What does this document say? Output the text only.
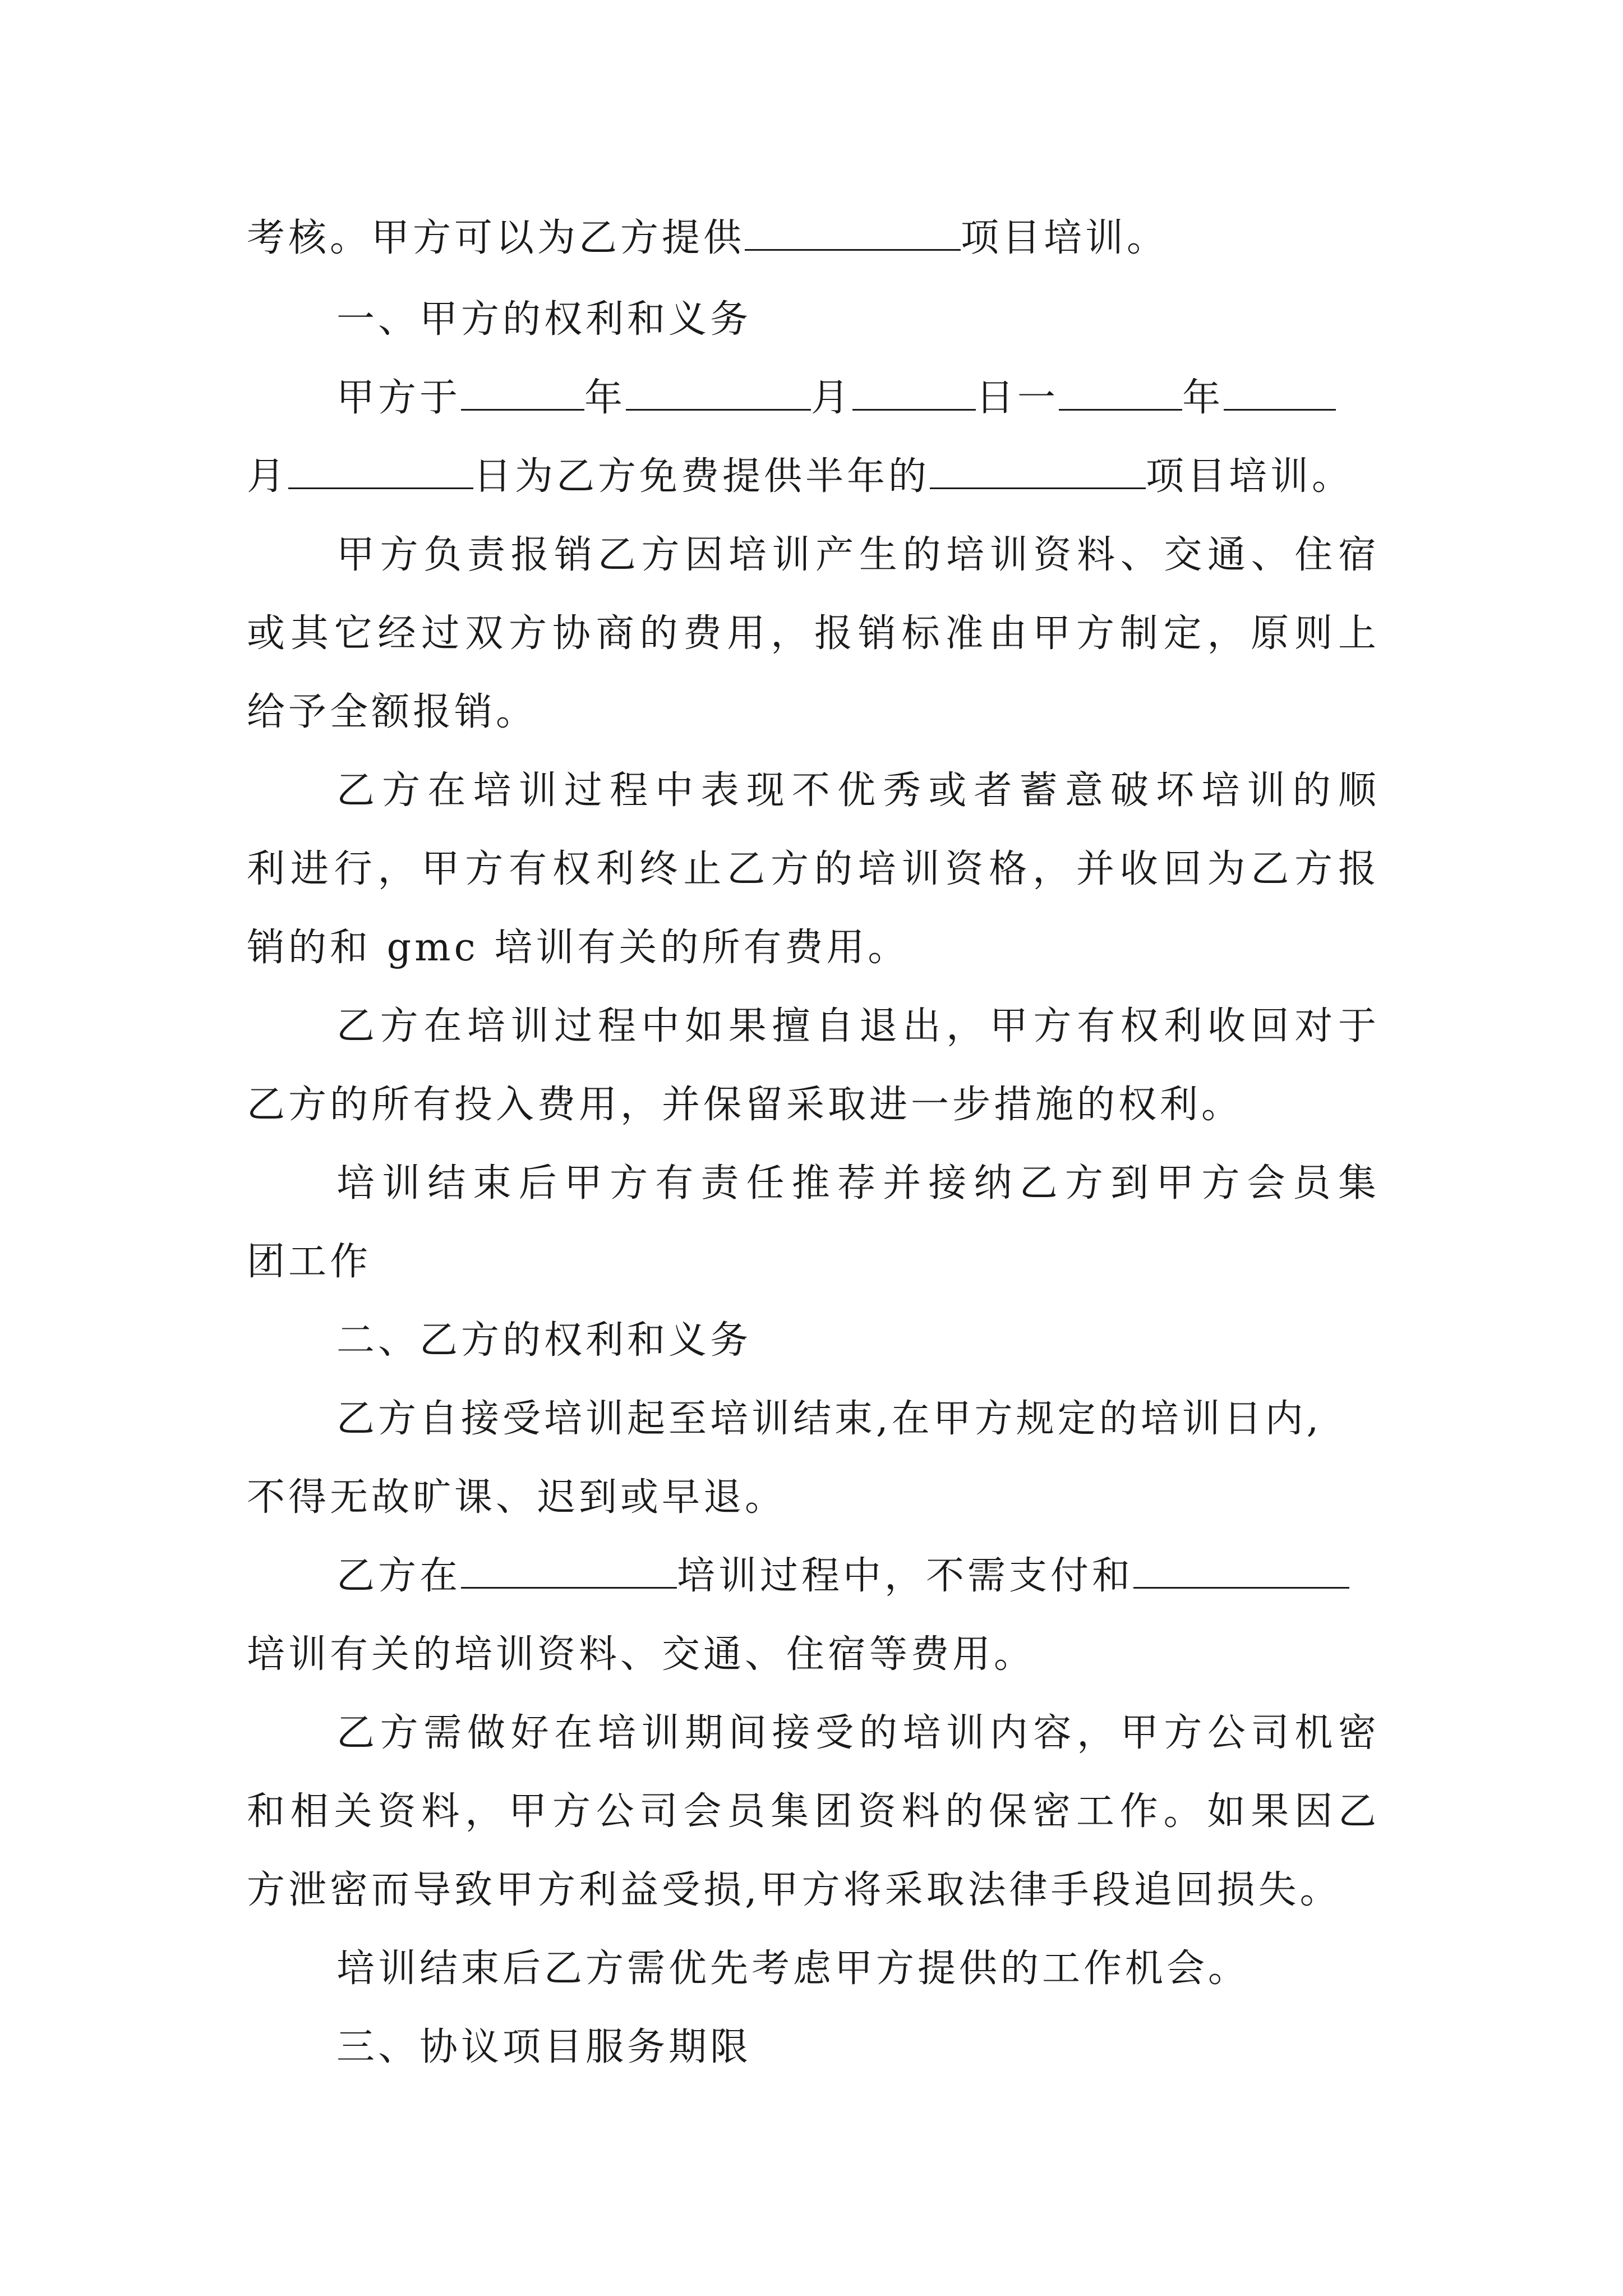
考核。甲方可以为乙方提供	项目培训。
一、甲方的权利和义务
甲方于	年	月	日一	年
月	日为乙方免费提供半年的	项目培训。
甲方负责报销乙方因培训产生的培训资料、交通、住宿
或其它经过双方协商的费用，报销标准由甲方制定，原则上
给予全额报销。
乙方在培训过程中表现不优秀或者蓄意破坏培训的顺
利进行，甲方有权利终止乙方的培训资格，并收回为乙方报
销的和 gmc 培训有关的所有费用。
乙方在培训过程中如果擅自退出，甲方有权利收回对于
乙方的所有投入费用，并保留采取进一步措施的权利。
培训结束后甲方有责任推荐并接纳乙方到甲方会员集
团工作
二、乙方的权利和义务
乙方自接受培训起至培训结束,在甲方规定的培训日内,
不得无故旷课、迟到或早退。
乙方在	培训过程中，不需支付和
培训有关的培训资料、交通、住宿等费用。
乙方需做好在培训期间接受的培训内容，甲方公司机密
和相关资料，甲方公司会员集团资料的保密工作。如果因乙
方泄密而导致甲方利益受损,甲方将采取法律手段追回损失。
培训结束后乙方需优先考虑甲方提供的工作机会。
三、协议项目服务期限
